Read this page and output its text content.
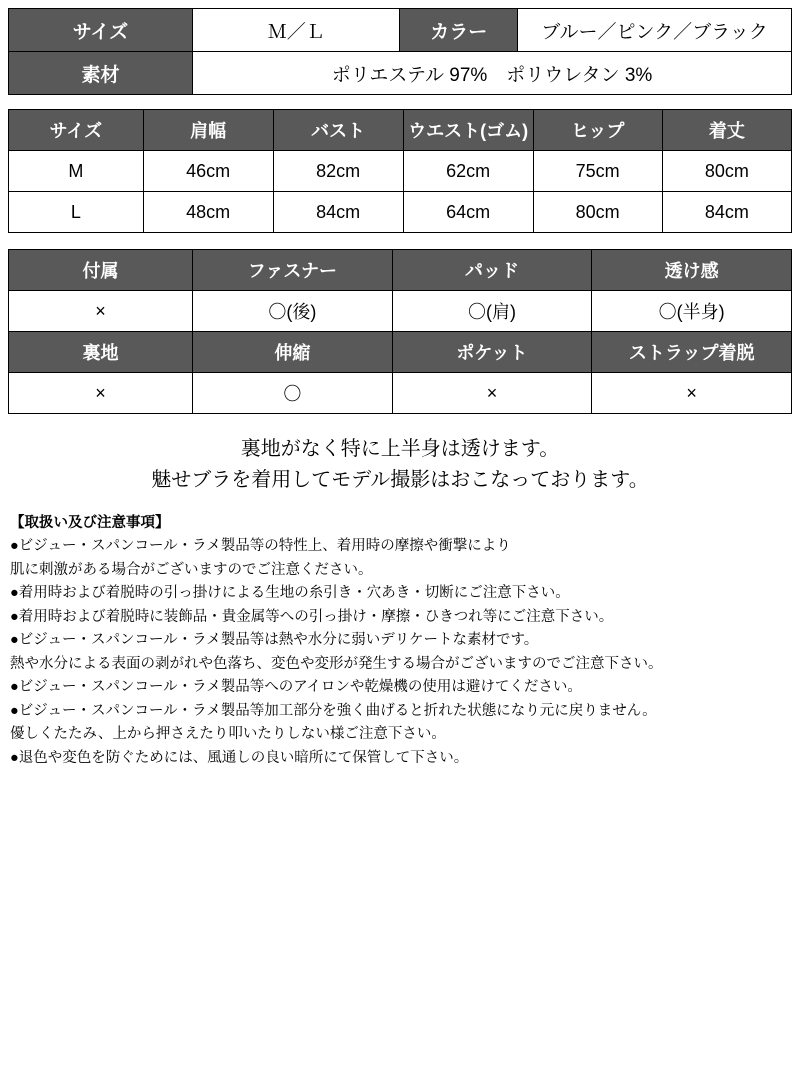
サイズ	Ｍ／Ｌ	カラー	ブルー／ピンク／ブラック
素材	ポリエステル 97%　ポリウレタン 3%		
サイズ	肩幅	バスト	ウエスト(ゴム)	ヒップ	着丈
M	46cm	82cm	62cm	75cm	80cm
L	48cm	84cm	64cm	80cm	84cm
付属	ファスナー	パッド	透け感
×	〇(後)	〇(肩)	〇(半身)
裏地	伸縮	ポケット	ストラップ着脱
×	〇	×	×
裏地がなく特に上半身は透けます。
魅せブラを着用してモデル撮影はおこなっております。

【取扱い及び注意事項】

●ビジュー・スパンコール・ラメ製品等の特性上、着用時の摩擦や衝撃により

肌に刺激がある場合がございますのでご注意ください。

●着用時および着脱時の引っ掛けによる生地の糸引き・穴あき・切断にご注意下さい。

●着用時および着脱時に装飾品・貴金属等への引っ掛け・摩擦・ひきつれ等にご注意下さい。

●ビジュー・スパンコール・ラメ製品等は熱や水分に弱いデリケートな素材です。

熱や水分による表面の剥がれや色落ち、変色や変形が発生する場合がございますのでご注意下さい。

●ビジュー・スパンコール・ラメ製品等へのアイロンや乾燥機の使用は避けてください。

●ビジュー・スパンコール・ラメ製品等加工部分を強く曲げると折れた状態になり元に戻りません。

優しくたたみ、上から押さえたり叩いたりしない様ご注意下さい。

●退色や変色を防ぐためには、風通しの良い暗所にて保管して下さい。
